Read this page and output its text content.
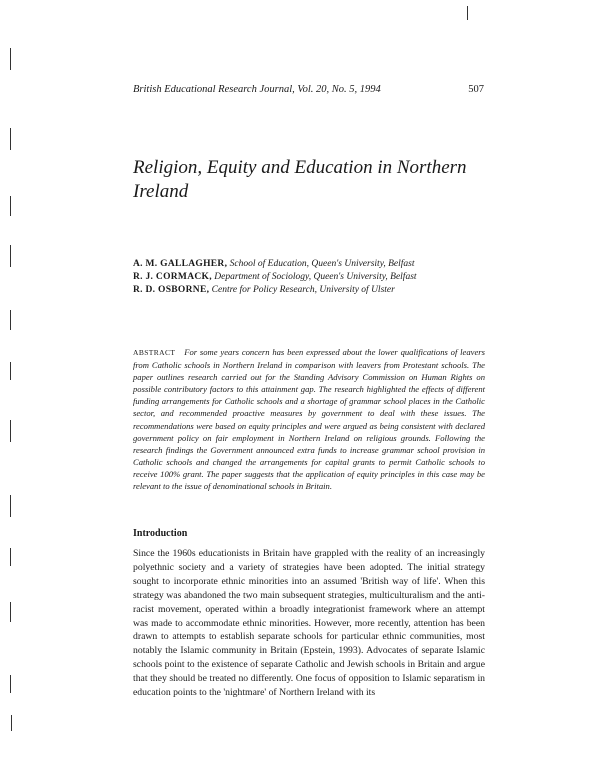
British Educational Research Journal, Vol. 20, No. 5, 1994	507
Religion, Equity and Education in Northern Ireland
A. M. GALLAGHER, School of Education, Queen's University, Belfast
R. J. CORMACK, Department of Sociology, Queen's University, Belfast
R. D. OSBORNE, Centre for Policy Research, University of Ulster

ABSTRACT For some years concern has been expressed about the lower qualifications of leavers from Catholic schools in Northern Ireland in comparison with leavers from Protestant schools. The paper outlines research carried out for the Standing Advisory Commission on Human Rights on possible contributory factors to this attainment gap. The research highlighted the effects of different funding arrangements for Catholic schools and a shortage of grammar school places in the Catholic sector, and recommended proactive measures by government to deal with these issues. The recommendations were based on equity principles and were argued as being consistent with declared government policy on fair employment in Northern Ireland on religious grounds. Following the research findings the Government announced extra funds to increase grammar school provision in Catholic schools and changed the arrangements for capital grants to permit Catholic schools to receive 100% grant. The paper suggests that the application of equity principles in this case may be relevant to the issue of denominational schools in Britain.

Introduction

Since the 1960s educationists in Britain have grappled with the reality of an increasingly polyethnic society and a variety of strategies have been adopted. The initial strategy sought to incorporate ethnic minorities into an assumed 'British way of life'. When this strategy was abandoned the two main subsequent strategies, multiculturalism and the anti-racist movement, operated within a broadly integrationist framework where an attempt was made to accommodate ethnic minorities. However, more recently, attention has been drawn to attempts to establish separate schools for particular ethnic communities, most notably the Islamic community in Britain (Epstein, 1993). Advocates of separate Islamic schools point to the existence of separate Catholic and Jewish schools in Britain and argue that they should be treated no differently. One focus of opposition to Islamic separatism in education points to the 'nightmare' of Northern Ireland with its
